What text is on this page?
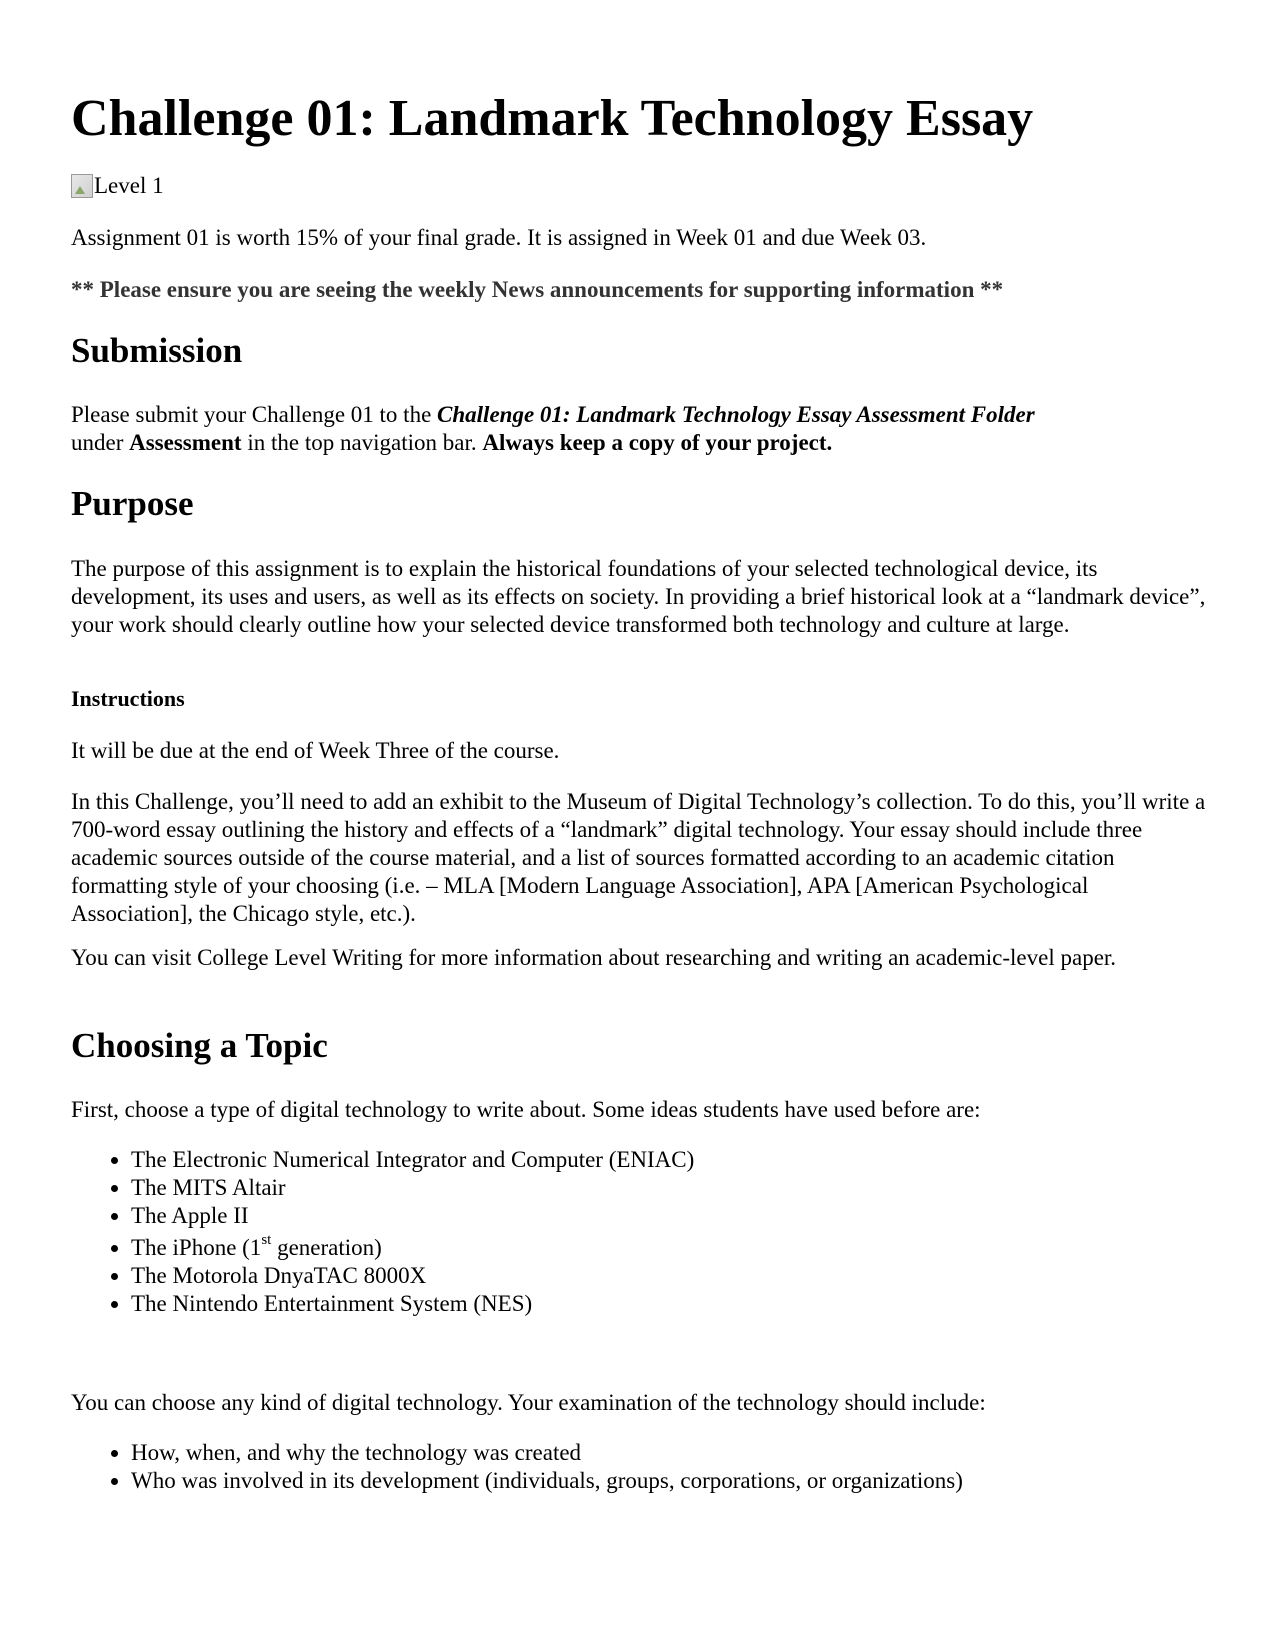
Challenge 01: Landmark Technology Essay

Level 1

Assignment 01 is worth 15% of your final grade. It is assigned in Week 01 and due Week 03.

** Please ensure you are seeing the weekly News announcements for supporting information **

Submission

Please submit your Challenge 01 to the Challenge 01: Landmark Technology Essay Assessment Folder
under Assessment in the top navigation bar. Always keep a copy of your project.

Purpose

The purpose of this assignment is to explain the historical foundations of your selected technological device, its development, its uses and users, as well as its effects on society. In providing a brief historical look at a “landmark device”, your work should clearly outline how your selected device transformed both technology and culture at large.

Instructions

It will be due at the end of Week Three of the course.

In this Challenge, you’ll need to add an exhibit to the Museum of Digital Technology’s collection. To do this, you’ll write a 700-word essay outlining the history and effects of a “landmark” digital technology. Your essay should include three academic sources outside of the course material, and a list of sources formatted according to an academic citation formatting style of your choosing (i.e. – MLA [Modern Language Association], APA [American Psychological Association], the Chicago style, etc.).

You can visit College Level Writing for more information about researching and writing an academic-level paper.

Choosing a Topic

First, choose a type of digital technology to write about. Some ideas students have used before are:

• The Electronic Numerical Integrator and Computer (ENIAC)
• The MITS Altair
• The Apple II
• The iPhone (1st generation)
• The Motorola DnyaTAC 8000X
• The Nintendo Entertainment System (NES)

You can choose any kind of digital technology. Your examination of the technology should include:

• How, when, and why the technology was created
• Who was involved in its development (individuals, groups, corporations, or organizations)
